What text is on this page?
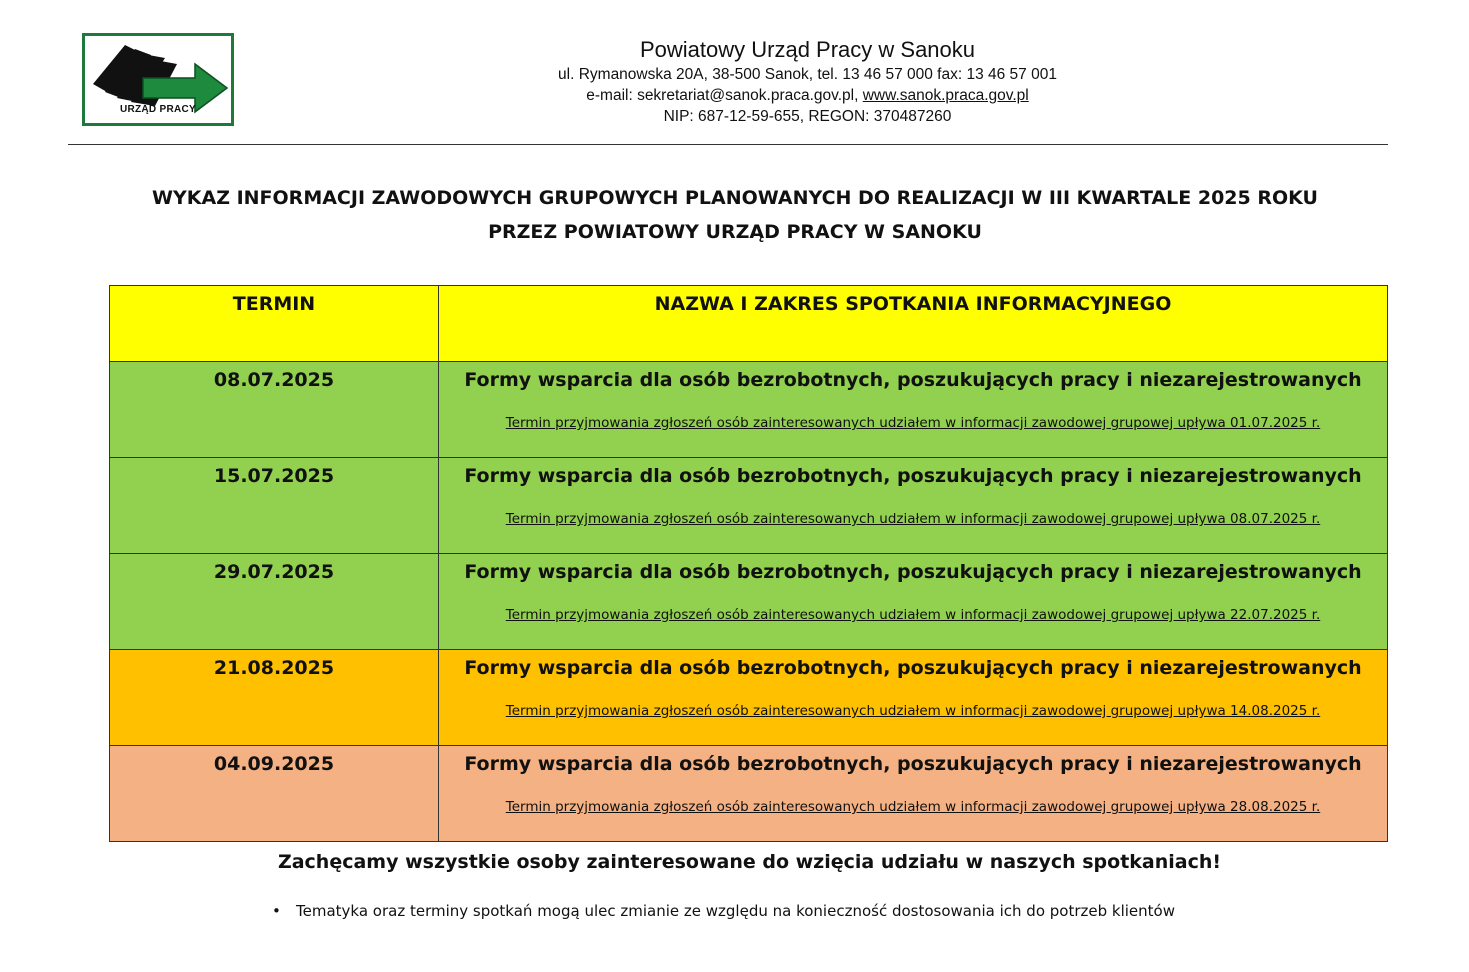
URZĄD PRACY
Powiatowy Urząd Pracy w Sanoku
ul. Rymanowska 20A, 38-500 Sanok, tel. 13 46 57 000 fax: 13 46 57 001
e-mail: sekretariat@sanok.praca.gov.pl, www.sanok.praca.gov.pl
NIP: 687-12-59-655, REGON: 370487260
WYKAZ INFORMACJI ZAWODOWYCH GRUPOWYCH PLANOWANYCH DO REALIZACJI W III KWARTALE 2025 ROKU
PRZEZ POWIATOWY URZĄD PRACY W SANOKU
TERMIN	NAZWA I ZAKRES SPOTKANIA INFORMACYJNEGO

08.07.2025	Formy wsparcia dla osób bezrobotnych, poszukujących pracy i niezarejestrowanych
Termin przyjmowania zgłoszeń osób zainteresowanych udziałem w informacji zawodowej grupowej upływa 01.07.2025 r.

15.07.2025	Formy wsparcia dla osób bezrobotnych, poszukujących pracy i niezarejestrowanych
Termin przyjmowania zgłoszeń osób zainteresowanych udziałem w informacji zawodowej grupowej upływa 08.07.2025 r.

29.07.2025	Formy wsparcia dla osób bezrobotnych, poszukujących pracy i niezarejestrowanych
Termin przyjmowania zgłoszeń osób zainteresowanych udziałem w informacji zawodowej grupowej upływa 22.07.2025 r.

21.08.2025	Formy wsparcia dla osób bezrobotnych, poszukujących pracy i niezarejestrowanych
Termin przyjmowania zgłoszeń osób zainteresowanych udziałem w informacji zawodowej grupowej upływa 14.08.2025 r.

04.09.2025	Formy wsparcia dla osób bezrobotnych, poszukujących pracy i niezarejestrowanych
Termin przyjmowania zgłoszeń osób zainteresowanych udziałem w informacji zawodowej grupowej upływa 28.08.2025 r.
Zachęcamy wszystkie osoby zainteresowane do wzięcia udziału w naszych spotkaniach!
• Tematyka oraz terminy spotkań mogą ulec zmianie ze względu na konieczność dostosowania ich do potrzeb klientów
